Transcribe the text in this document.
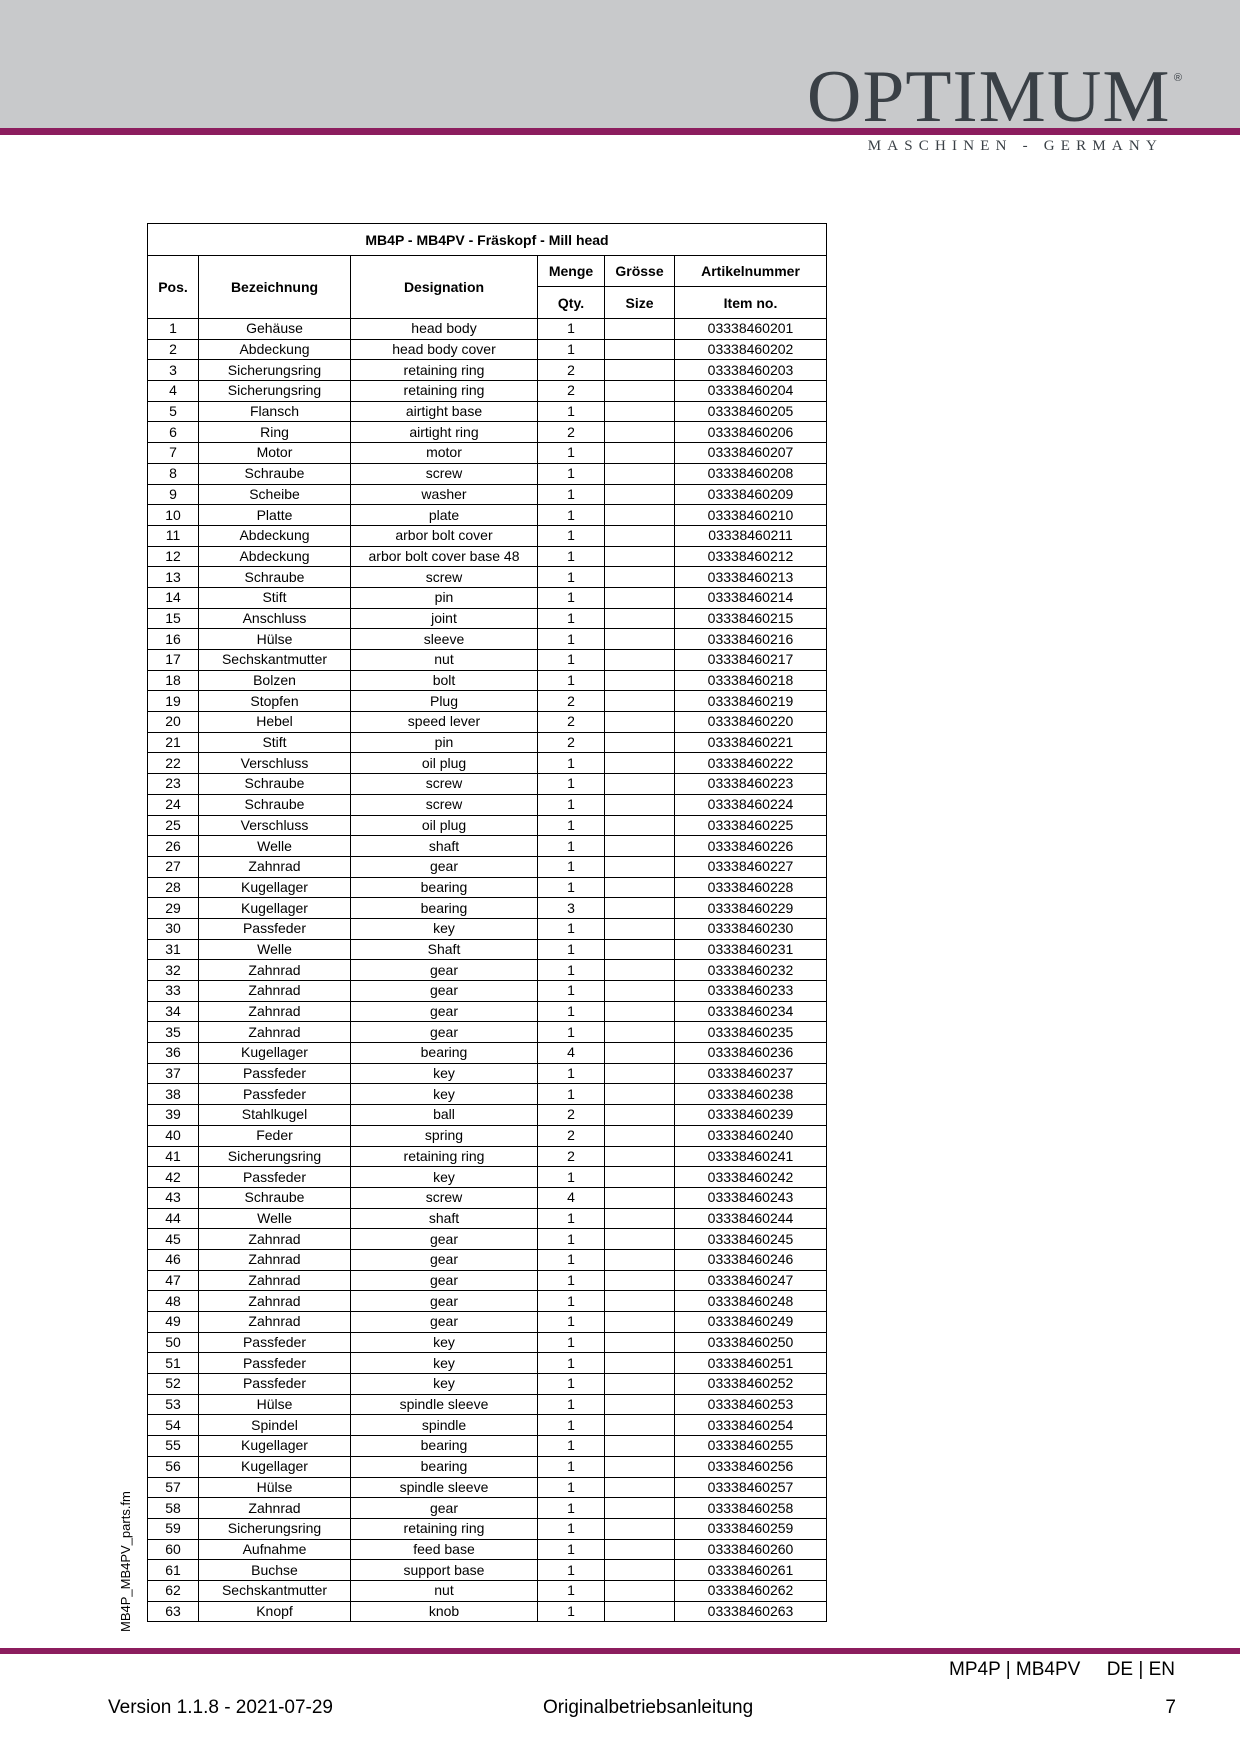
OPTIMUM ®
MASCHINEN - GERMANY
MB4P_MB4PV_parts.fm
MB4P - MB4PV - Fräskopf - Mill head					
Pos.	Bezeichnung	Designation	Menge	Grösse	Artikelnummer
			Qty.	Size	Item no.
1	Gehäuse	head body	1		03338460201
2	Abdeckung	head body cover	1		03338460202
3	Sicherungsring	retaining ring	2		03338460203
4	Sicherungsring	retaining ring	2		03338460204
5	Flansch	airtight base	1		03338460205
6	Ring	airtight ring	2		03338460206
7	Motor	motor	1		03338460207
8	Schraube	screw	1		03338460208
9	Scheibe	washer	1		03338460209
10	Platte	plate	1		03338460210
11	Abdeckung	arbor bolt cover	1		03338460211
12	Abdeckung	arbor bolt cover base 48	1		03338460212
13	Schraube	screw	1		03338460213
14	Stift	pin	1		03338460214
15	Anschluss	joint	1		03338460215
16	Hülse	sleeve	1		03338460216
17	Sechskantmutter	nut	1		03338460217
18	Bolzen	bolt	1		03338460218
19	Stopfen	Plug	2		03338460219
20	Hebel	speed lever	2		03338460220
21	Stift	pin	2		03338460221
22	Verschluss	oil plug	1		03338460222
23	Schraube	screw	1		03338460223
24	Schraube	screw	1		03338460224
25	Verschluss	oil plug	1		03338460225
26	Welle	shaft	1		03338460226
27	Zahnrad	gear	1		03338460227
28	Kugellager	bearing	1		03338460228
29	Kugellager	bearing	3		03338460229
30	Passfeder	key	1		03338460230
31	Welle	Shaft	1		03338460231
32	Zahnrad	gear	1		03338460232
33	Zahnrad	gear	1		03338460233
34	Zahnrad	gear	1		03338460234
35	Zahnrad	gear	1		03338460235
36	Kugellager	bearing	4		03338460236
37	Passfeder	key	1		03338460237
38	Passfeder	key	1		03338460238
39	Stahlkugel	ball	2		03338460239
40	Feder	spring	2		03338460240
41	Sicherungsring	retaining ring	2		03338460241
42	Passfeder	key	1		03338460242
43	Schraube	screw	4		03338460243
44	Welle	shaft	1		03338460244
45	Zahnrad	gear	1		03338460245
46	Zahnrad	gear	1		03338460246
47	Zahnrad	gear	1		03338460247
48	Zahnrad	gear	1		03338460248
49	Zahnrad	gear	1		03338460249
50	Passfeder	key	1		03338460250
51	Passfeder	key	1		03338460251
52	Passfeder	key	1		03338460252
53	Hülse	spindle sleeve	1		03338460253
54	Spindel	spindle	1		03338460254
55	Kugellager	bearing	1		03338460255
56	Kugellager	bearing	1		03338460256
57	Hülse	spindle sleeve	1		03338460257
58	Zahnrad	gear	1		03338460258
59	Sicherungsring	retaining ring	1		03338460259
60	Aufnahme	feed base	1		03338460260
61	Buchse	support base	1		03338460261
62	Sechskantmutter	nut	1		03338460262
63	Knopf	knob	1		03338460263
MP4P | MB4PV     DE | EN
Version 1.1.8 - 2021-07-29	Originalbetriebsanleitung	7
